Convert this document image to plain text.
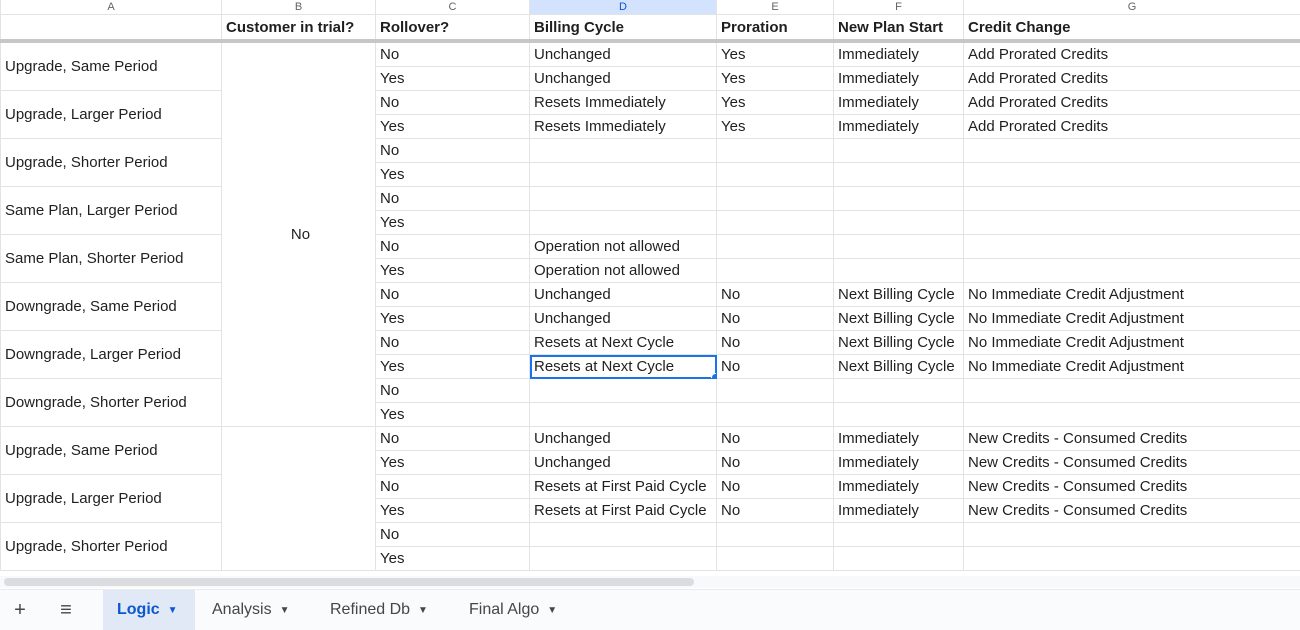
A	B	C	D	E	F	G
	Customer in trial?	Rollover?	Billing Cycle	Proration	New Plan Start	Credit Change
Upgrade, Same Period	No	No	Unchanged	Yes	Immediately	Add Prorated Credits
		Yes	Unchanged	Yes	Immediately	Add Prorated Credits
Upgrade, Larger Period		No	Resets Immediately	Yes	Immediately	Add Prorated Credits
		Yes	Resets Immediately	Yes	Immediately	Add Prorated Credits
Upgrade, Shorter Period		No				
		Yes				
Same Plan, Larger Period		No				
		Yes				
Same Plan, Shorter Period		No	Operation not allowed			
		Yes	Operation not allowed			
Downgrade, Same Period		No	Unchanged	No	Next Billing Cycle	No Immediate Credit Adjustment
		Yes	Unchanged	No	Next Billing Cycle	No Immediate Credit Adjustment
Downgrade, Larger Period		No	Resets at Next Cycle	No	Next Billing Cycle	No Immediate Credit Adjustment
		Yes	Resets at Next Cycle	No	Next Billing Cycle	No Immediate Credit Adjustment
Downgrade, Shorter Period		No				
		Yes				
Upgrade, Same Period		No	Unchanged	No	Immediately	New Credits - Consumed Credits
		Yes	Unchanged	No	Immediately	New Credits - Consumed Credits
Upgrade, Larger Period		No	Resets at First Paid Cycle	No	Immediately	New Credits - Consumed Credits
		Yes	Resets at First Paid Cycle	No	Immediately	New Credits - Consumed Credits
Upgrade, Shorter Period		No				
		Yes				
+	≡	Logic ▼ Analysis ▼	Refined Db ▼	Final Algo ▼
